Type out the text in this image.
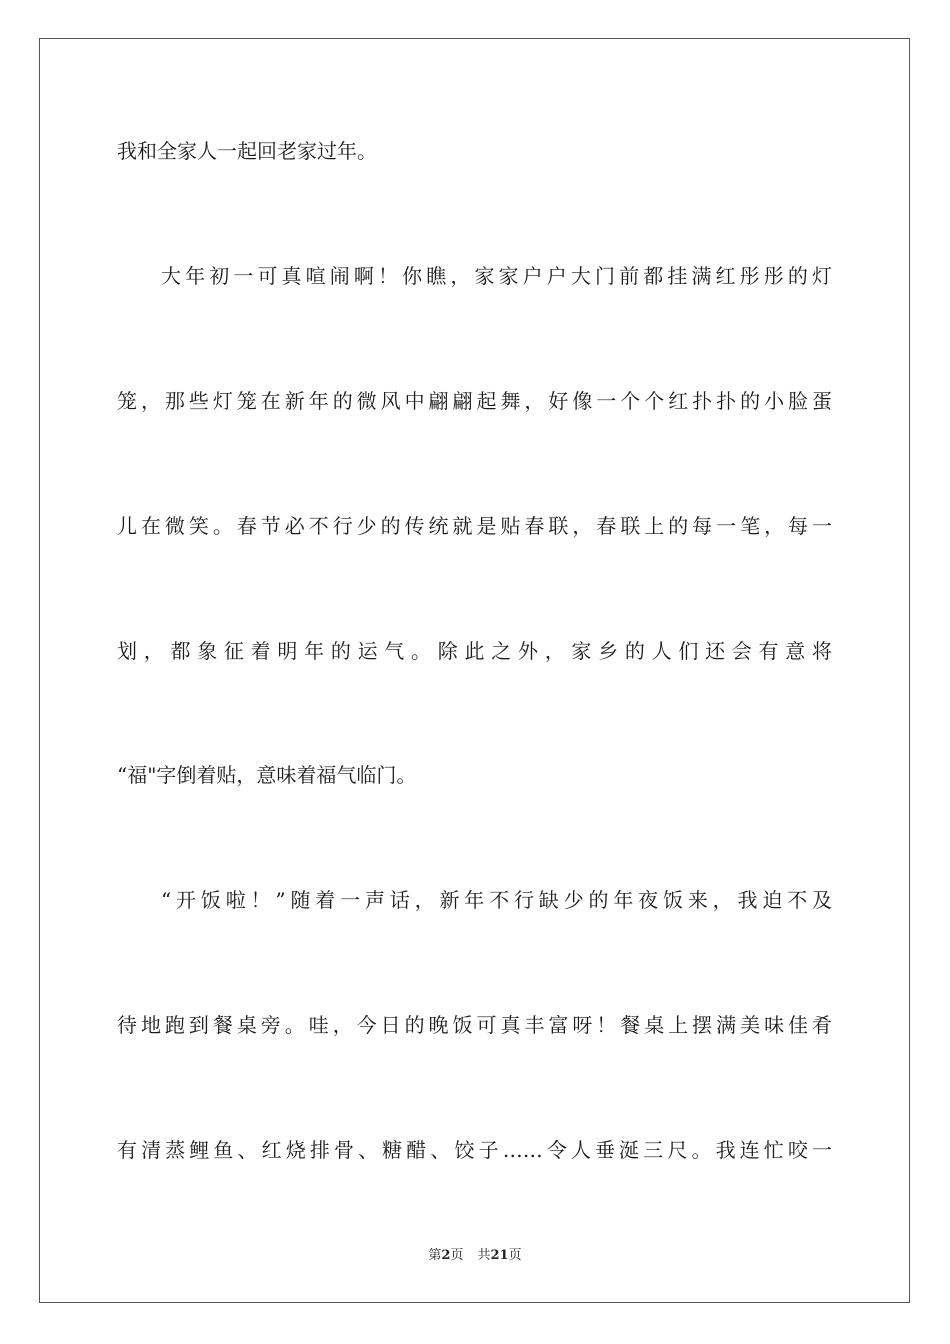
我和全家人一起回老家过年。
大年初一可真喧闹啊！你瞧，家家户户大门前都挂满红彤彤的灯
笼，那些灯笼在新年的微风中翩翩起舞，好像一个个红扑扑的小脸蛋
儿在微笑。春节必不行少的传统就是贴春联，春联上的每一笔，每一
划，都象征着明年的运气。除此之外，家乡的人们还会有意将
“福"字倒着贴，意味着福气临门。
“开饭啦！”随着一声话，新年不行缺少的年夜饭来，我迫不及
待地跑到餐桌旁。哇，今日的晚饭可真丰富呀！餐桌上摆满美味佳肴
有清蒸鲤鱼、红烧排骨、糖醋、饺子……令人垂涎三尺。我连忙咬一
第2页 共21页
